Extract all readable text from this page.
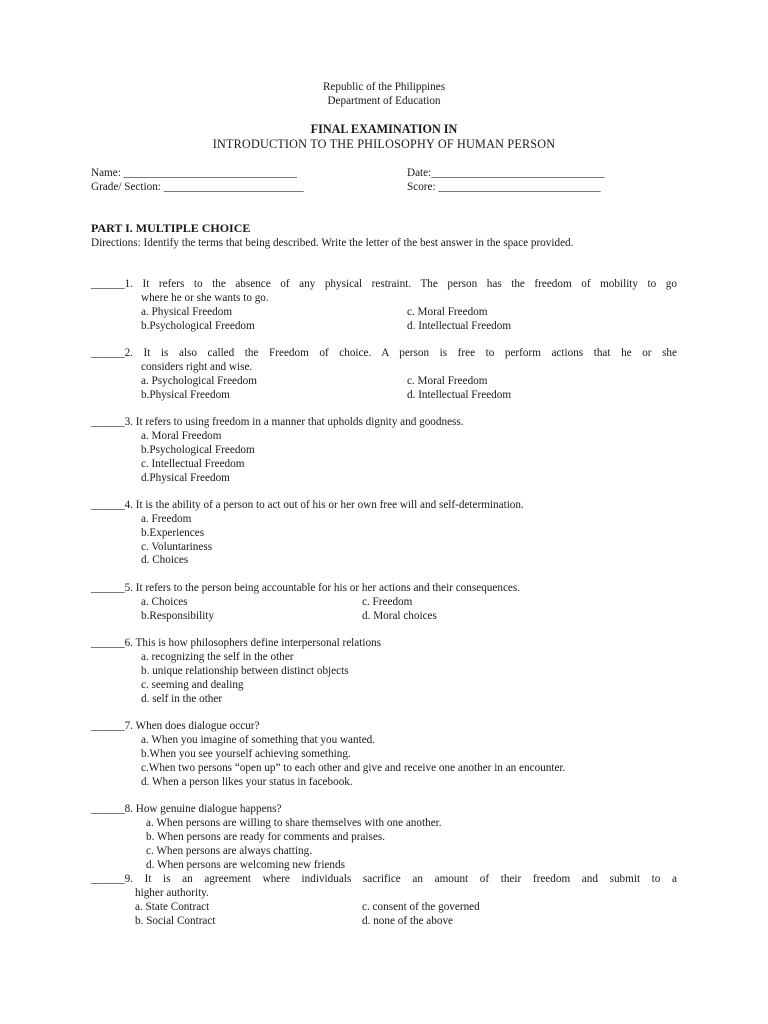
Republic of the Philippines
Department of Education
FINAL EXAMINATION IN
INTRODUCTION TO THE PHILOSOPHY OF HUMAN PERSON
Name: _______________________________	Date:_______________________________
Grade/ Section: _________________________	Score: _____________________________
PART I. MULTIPLE CHOICE
Directions: Identify the terms that being described. Write the letter of the best answer in the space provided.
______1. It refers to the absence of any physical restraint. The person has the freedom of mobility to go
where he or she wants to go.
a. Physical Freedom
b.Psychological Freedom
c. Moral Freedom
d. Intellectual Freedom
______2. It is also called the Freedom of choice. A person is free to perform actions that he or she
considers right and wise.
a. Psychological Freedom
b.Physical Freedom
c. Moral Freedom
d. Intellectual Freedom
______3. It refers to using freedom in a manner that upholds dignity and goodness.
a. Moral Freedom
b.Psychological Freedom
c. Intellectual Freedom
d.Physical Freedom
______4. It is the ability of a person to act out of his or her own free will and self-determination.
a. Freedom
b.Experiences
c. Voluntariness
d. Choices
______5. It refers to the person being accountable for his or her actions and their consequences.
a. Choices
b.Responsibility
c. Freedom
d. Moral choices
______6. This is how philosophers define interpersonal relations
a. recognizing the self in the other
b. unique relationship between distinct objects
c. seeming and dealing
d. self in the other
______7. When does dialogue occur?
a. When you imagine of something that you wanted.
b.When you see yourself achieving something.
c.When two persons “open up” to each other and give and receive one another in an encounter.
d. When a person likes your status in facebook.
______8. How genuine dialogue happens?
a. When persons are willing to share themselves with one another.
b. When persons are ready for comments and praises.
c. When persons are always chatting.
d. When persons are welcoming new friends
______9. It is an agreement where individuals sacrifice an amount of their freedom and submit to a
higher authority.
a. State Contract
b. Social Contract
c. consent of the governed
d. none of the above
